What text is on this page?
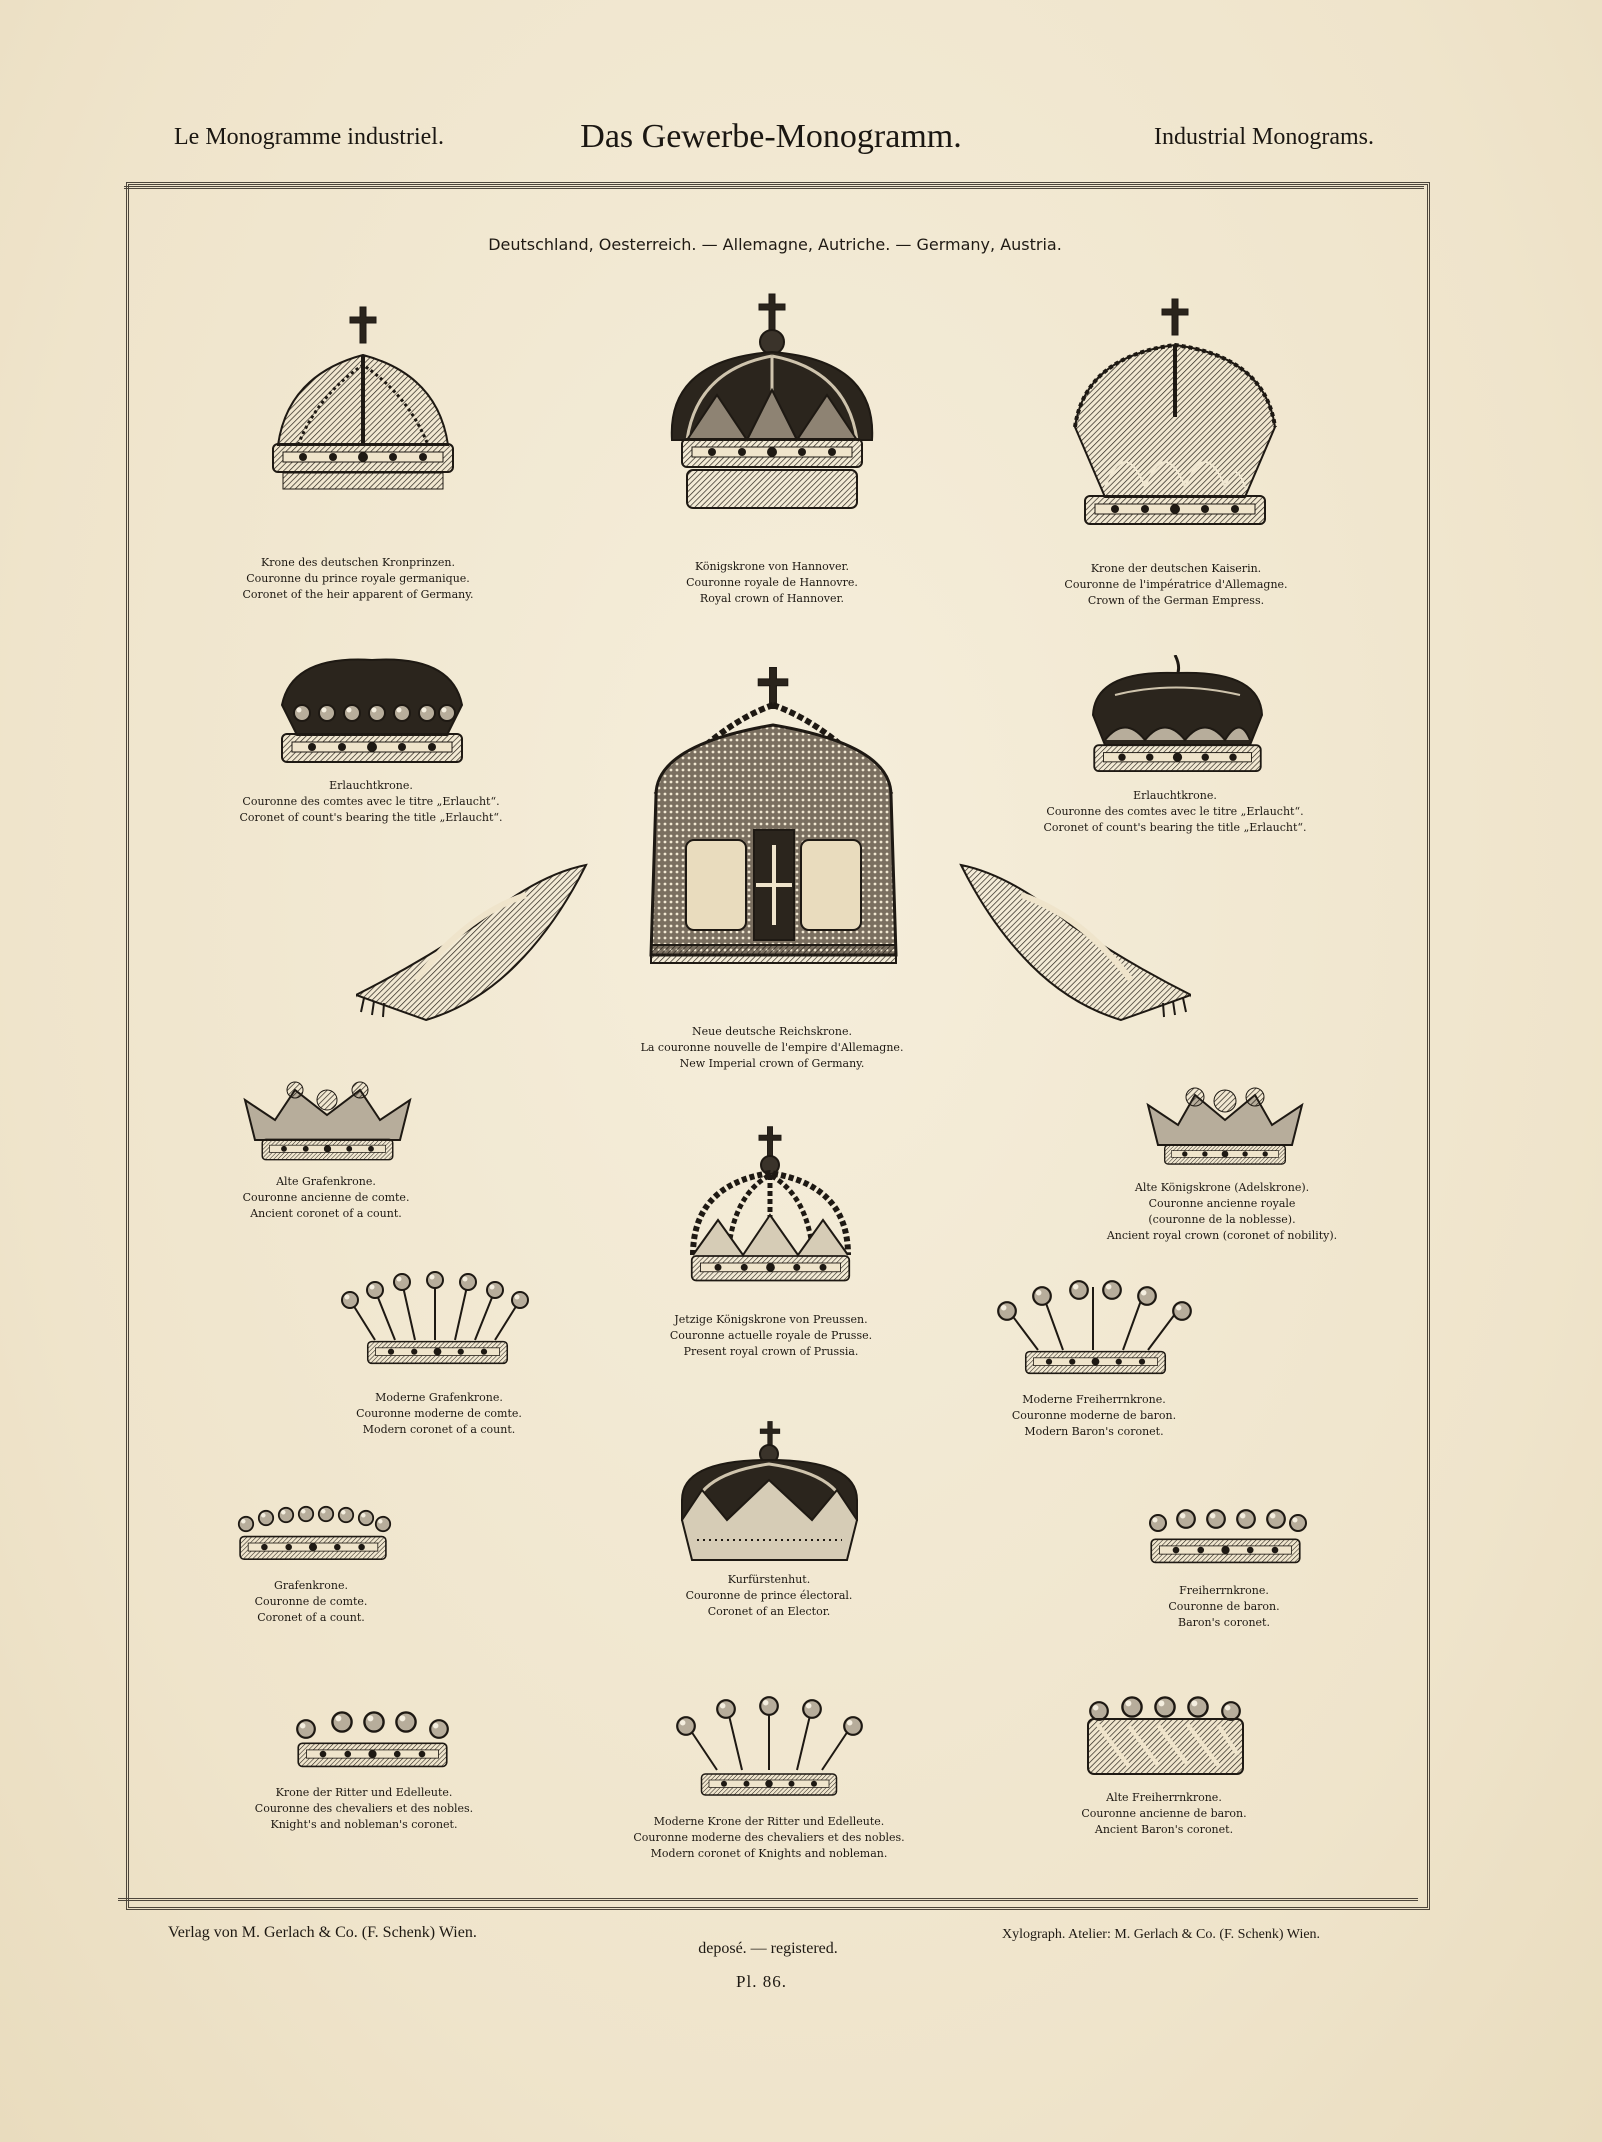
Le Monogramme industriel.	Das Gewerbe-Monogramm.	Industrial Monograms.
Deutschland, Oesterreich. — Allemagne, Autriche. — Germany, Austria.
Krone des deutschen Kronprinzen.
Couronne du prince royale germanique.
Coronet of the heir apparent of Germany.
Königskrone von Hannover.
Couronne royale de Hannovre.
Royal crown of Hannover.
Krone der deutschen Kaiserin.
Couronne de l'impératrice d'Allemagne.
Crown of the German Empress.
Erlauchtkrone.
Couronne des comtes avec le titre „Erlaucht“.
Coronet of count's bearing the title „Erlaucht“.
Erlauchtkrone.
Couronne des comtes avec le titre „Erlaucht“.
Coronet of count's bearing the title „Erlaucht“.
Neue deutsche Reichskrone.
La couronne nouvelle de l'empire d'Allemagne.
New Imperial crown of Germany.
Alte Grafenkrone.
Couronne ancienne de comte.
Ancient coronet of a count.
Alte Königskrone (Adelskrone).
Couronne ancienne royale
(couronne de la noblesse).
Ancient royal crown (coronet of nobility).
Jetzige Königskrone von Preussen.
Couronne actuelle royale de Prusse.
Present royal crown of Prussia.
Moderne Grafenkrone.
Couronne moderne de comte.
Modern coronet of a count.
Moderne Freiherrnkrone.
Couronne moderne de baron.
Modern Baron's coronet.
Grafenkrone.
Couronne de comte.
Coronet of a count.
Kurfürstenhut.
Couronne de prince électoral.
Coronet of an Elector.
Freiherrnkrone.
Couronne de baron.
Baron's coronet.
Krone der Ritter und Edelleute.
Couronne des chevaliers et des nobles.
Knight's and nobleman's coronet.	Moderne Krone der Ritter und Edelleute.
Couronne moderne des chevaliers et des nobles.
Modern coronet of Knights and nobleman.
Alte Freiherrnkrone.
Couronne ancienne de baron.
Ancient Baron's coronet.
Verlag von M. Gerlach & Co. (F. Schenk) Wien.
deposé. — registered.
Xylograph. Atelier: M. Gerlach & Co. (F. Schenk) Wien.
Pl. 86.
